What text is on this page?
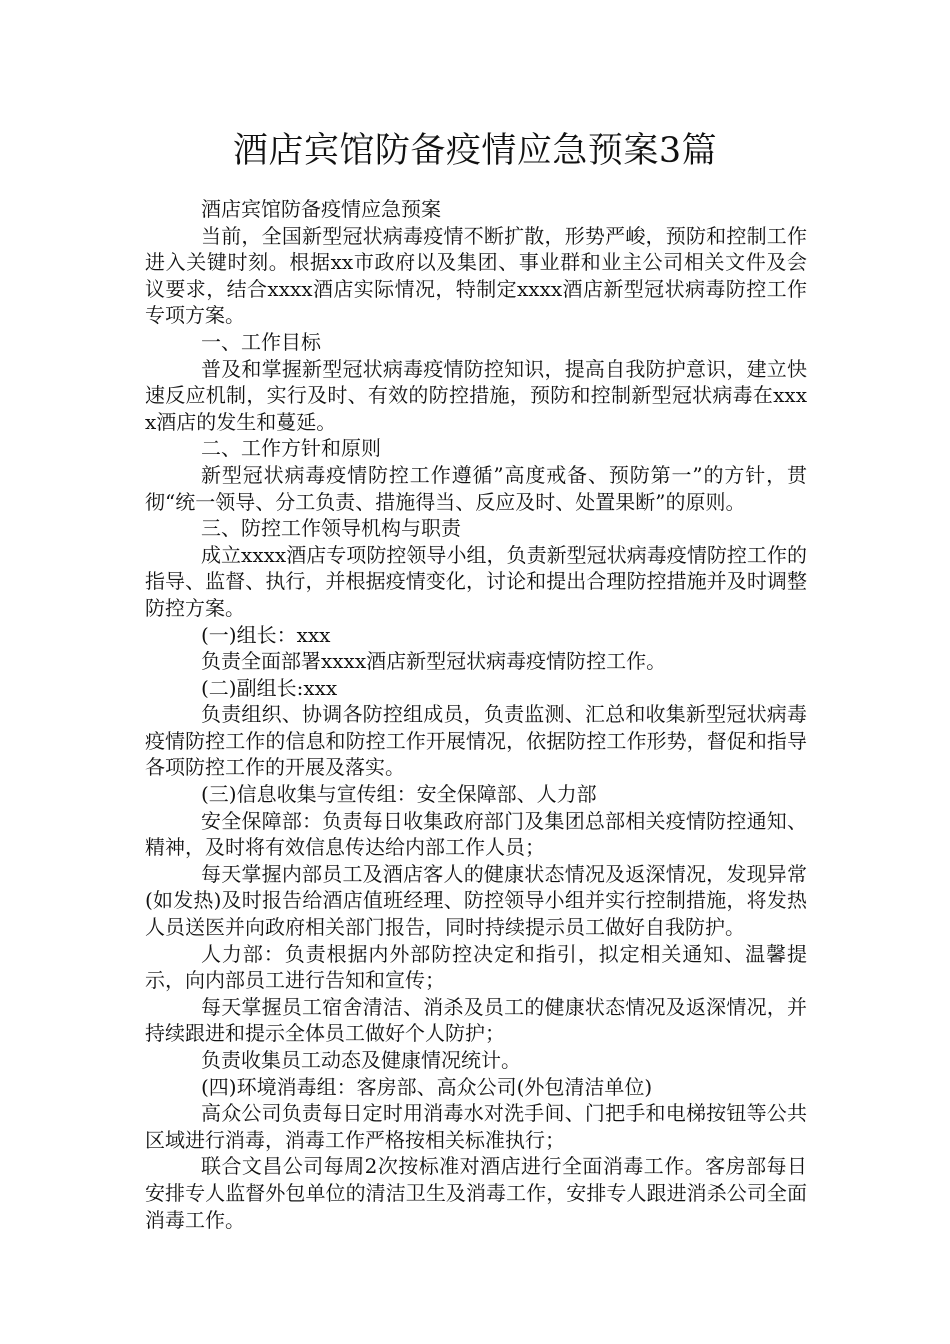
酒店宾馆防备疫情应急预案3篇

酒店宾馆防备疫情应急预案

当前，全国新型冠状病毒疫情不断扩散，形势严峻，预防和控制工作进入关键时刻。根据xx市政府以及集团、事业群和业主公司相关文件及会议要求，结合xxxx酒店实际情况，特制定xxxx酒店新型冠状病毒防控工作专项方案。

一、工作目标

普及和掌握新型冠状病毒疫情防控知识，提高自我防护意识，建立快速反应机制，实行及时、有效的防控措施，预防和控制新型冠状病毒在xxxx酒店的发生和蔓延。

二、工作方针和原则

新型冠状病毒疫情防控工作遵循”高度戒备、预防第一”的方针，贯彻“统一领导、分工负责、措施得当、反应及时、处置果断”的原则。

三、防控工作领导机构与职责

成立xxxx酒店专项防控领导小组，负责新型冠状病毒疫情防控工作的指导、监督、执行，并根据疫情变化，讨论和提出合理防控措施并及时调整防控方案。

(一)组长：xxx

负责全面部署xxxx酒店新型冠状病毒疫情防控工作。

(二)副组长:xxx

负责组织、协调各防控组成员，负责监测、汇总和收集新型冠状病毒疫情防控工作的信息和防控工作开展情况，依据防控工作形势，督促和指导各项防控工作的开展及落实。

(三)信息收集与宣传组：安全保障部、人力部

安全保障部：负责每日收集政府部门及集团总部相关疫情防控通知、精神，及时将有效信息传达给内部工作人员；

每天掌握内部员工及酒店客人的健康状态情况及返深情况，发现异常(如发热)及时报告给酒店值班经理、防控领导小组并实行控制措施，将发热人员送医并向政府相关部门报告，同时持续提示员工做好自我防护。

人力部：负责根据内外部防控决定和指引，拟定相关通知、温馨提示，向内部员工进行告知和宣传；

每天掌握员工宿舍清洁、消杀及员工的健康状态情况及返深情况，并持续跟进和提示全体员工做好个人防护；

负责收集员工动态及健康情况统计。

(四)环境消毒组：客房部、高众公司(外包清洁单位)

高众公司负责每日定时用消毒水对洗手间、门把手和电梯按钮等公共区域进行消毒，消毒工作严格按相关标准执行；

联合文昌公司每周2次按标准对酒店进行全面消毒工作。客房部每日安排专人监督外包单位的清洁卫生及消毒工作，安排专人跟进消杀公司全面消毒工作。
